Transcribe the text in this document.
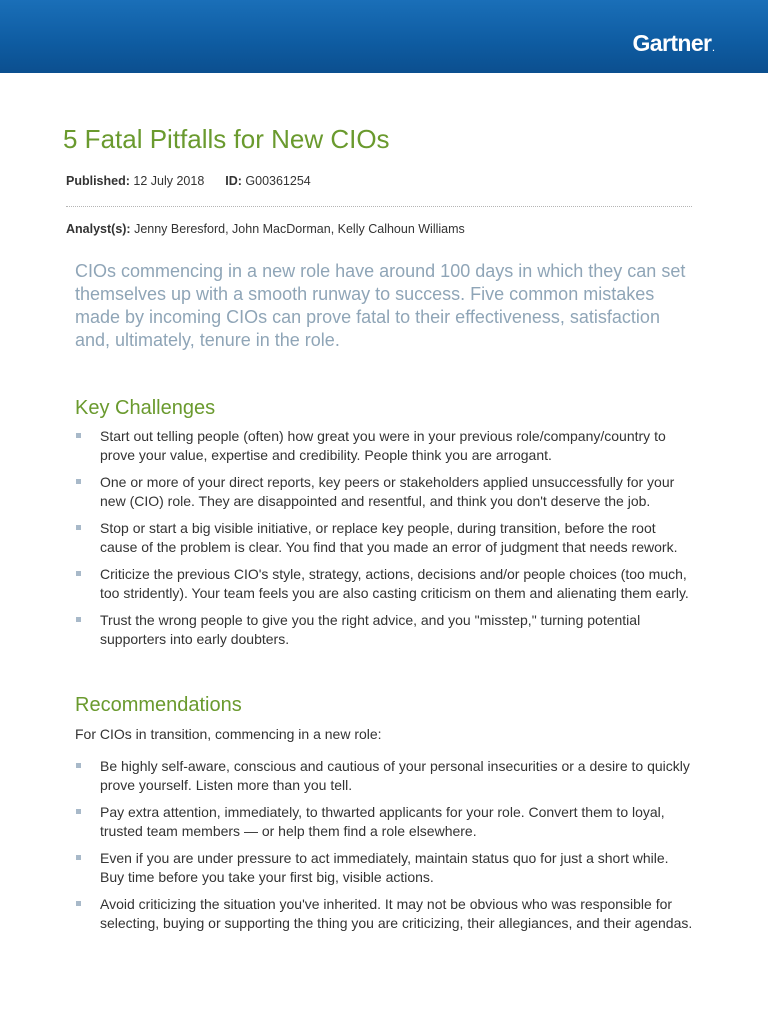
Gartner.
5 Fatal Pitfalls for New CIOs
Published: 12 July 2018 ID: G00361254
Analyst(s): Jenny Beresford, John MacDorman, Kelly Calhoun Williams
CIOs commencing in a new role have around 100 days in which they can set themselves up with a smooth runway to success. Five common mistakes made by incoming CIOs can prove fatal to their effectiveness, satisfaction and, ultimately, tenure in the role.
Key Challenges
Start out telling people (often) how great you were in your previous role/company/country to prove your value, expertise and credibility. People think you are arrogant.
One or more of your direct reports, key peers or stakeholders applied unsuccessfully for your new (CIO) role. They are disappointed and resentful, and think you don't deserve the job.
Stop or start a big visible initiative, or replace key people, during transition, before the root cause of the problem is clear. You find that you made an error of judgment that needs rework.
Criticize the previous CIO's style, strategy, actions, decisions and/or people choices (too much, too stridently). Your team feels you are also casting criticism on them and alienating them early.
Trust the wrong people to give you the right advice, and you "misstep," turning potential supporters into early doubters.
Recommendations
For CIOs in transition, commencing in a new role:
Be highly self-aware, conscious and cautious of your personal insecurities or a desire to quickly prove yourself. Listen more than you tell.
Pay extra attention, immediately, to thwarted applicants for your role. Convert them to loyal, trusted team members — or help them find a role elsewhere.
Even if you are under pressure to act immediately, maintain status quo for just a short while. Buy time before you take your first big, visible actions.
Avoid criticizing the situation you've inherited. It may not be obvious who was responsible for selecting, buying or supporting the thing you are criticizing, their allegiances, and their agendas.
